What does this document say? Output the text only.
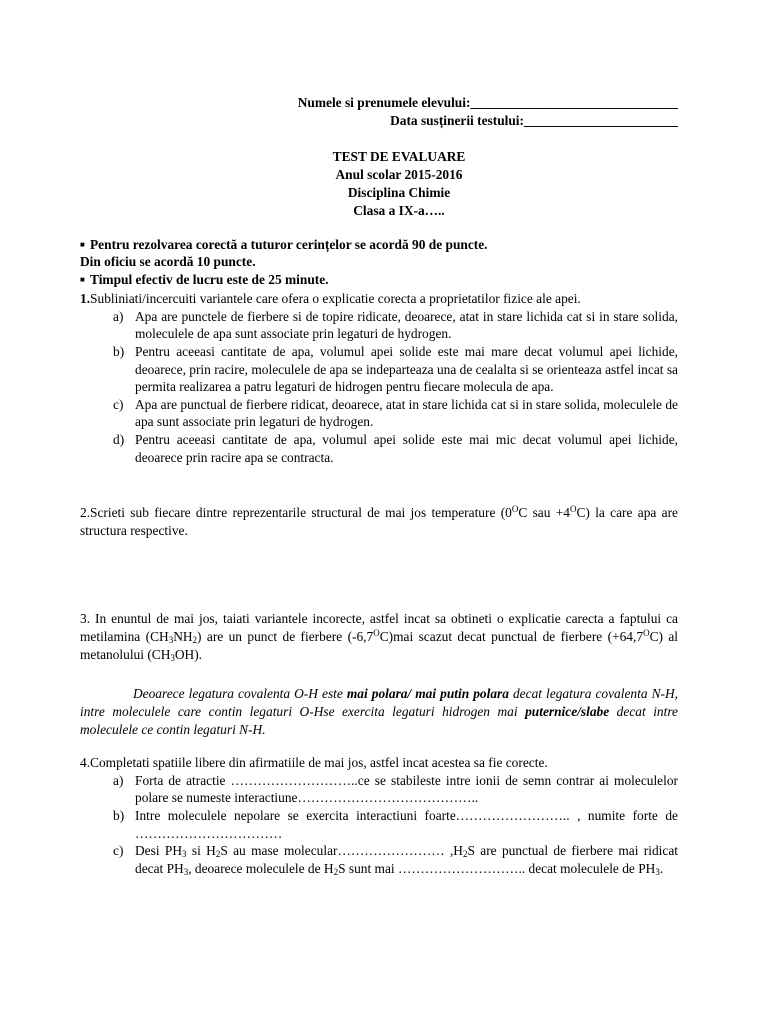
Numele si prenumele elevului:_______________________________
Data susținerii testului:_______________________
TEST DE EVALUARE
Anul scolar 2015-2016
Disciplina Chimie
Clasa a IX-a…..
■ Pentru rezolvarea corectă a tuturor cerințelor se acordă 90 de puncte.
Din oficiu se acordă 10 puncte.
■ Timpul efectiv de lucru este de 25 minute.
1.Subliniati/incercuiti variantele care ofera o explicatie corecta a proprietatilor fizice ale apei.
a) Apa are punctele de fierbere si de topire ridicate, deoarece, atat in stare lichida cat si in stare solida, moleculele de apa sunt associate prin legaturi de hydrogen.
b) Pentru aceeasi cantitate de apa, volumul apei solide este mai mare decat volumul apei lichide, deoarece, prin racire, moleculele de apa se indeparteaza una de cealalta si se orienteaza astfel incat sa permita realizarea a patru legaturi de hidrogen pentru fiecare molecula de apa.
c) Apa are punctual de fierbere ridicat, deoarece, atat in stare lichida cat si in stare solida, moleculele de apa sunt associate prin legaturi de hydrogen.
d) Pentru aceeasi cantitate de apa, volumul apei solide este mai mic decat volumul apei lichide, deoarece prin racire apa se contracta.
2.Scrieti sub fiecare dintre reprezentarile structural de mai jos temperature ($0^OC$ sau $+4^OC$) la care apa are structura respective.
3. In enuntul de mai jos, taiati variantele incorecte, astfel incat sa obtineti o explicatie carecta a faptului ca metilamina $(CH_3NH_2)$ are un punct de fierbere $(-6,7^OC)mai$ scazut decat punctual de fierbere $(+64,7^OC)$ al metanolului $(CH_3OH)$.
Deoarece legatura covalenta O-H este mai polara/ mai putin polara decat legatura covalenta N-H, intre moleculele care contin legaturi O-Hse exercita legaturi hidrogen mai puternice/slabe decat intre moleculele ce contin legaturi N-H.
4.Completati spatiile libere din afirmatiile de mai jos, astfel incat acestea sa fie corecte.
a) Forta de atractie ………………………..ce se stabileste intre ionii de semn contrar ai moleculelor polare se numeste interactiune…………………………………..
b) Intre moleculele nepolare se exercita interactiuni foarte…………………….. , numite forte de ……………………………
c) Desi $PH_3$ si $H_2S$ au mase molecular…………………… $,H_2S$ are punctual de fierbere mai ridicat decat $PH_3$, deoarece moleculele de $H_2S$ sunt mai ……………………….. decat moleculele de $PH_3$.
